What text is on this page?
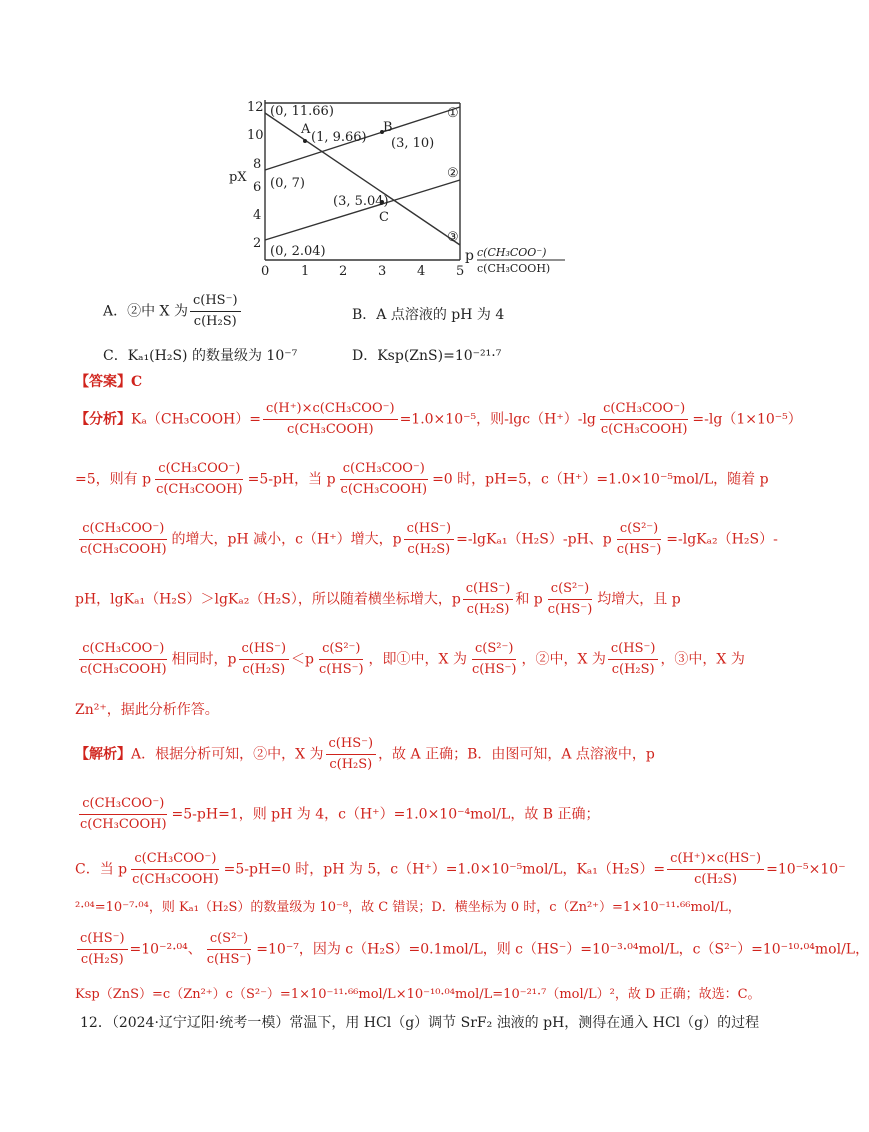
pX
12
10
8
6
4
2
0 1 2 3 4 5
(0, 11.66)
A
(1, 9.66)
B
(3, 10)
(0, 7)
(3, 5.04)
C
(0, 2.04)
①
②
③
p c(CH₃COO⁻)
c(CH₃COOH)
A．②中 X 为 $\frac{c(HS^-)}{\text{c(H₂S)}}$	B．A 点溶液的 pH 为 4
C．Kₐ₁(H₂S) 的数量级为 10⁻⁷	D．Ksp(ZnS)=10⁻²¹·⁷
【答案】C
【分析】Kₐ（CH₃COOH）= $\frac{\text{c(H⁺)×c(CH₃COO⁻)}}{\text{c(CH₃COOH)}} =1.0\times 10^{-5}$，则$-\lg c(H^+)-\lg \frac{\text{c(CH₃COO⁻)}}{\text{c(CH₃COOH)}} =-\lg(1\times 10^{-5})$
=5，则有 p $\frac{\text{c(CH₃COO⁻)}}{\text{c(CH₃COOH)}} =5-pH$，当 p $\frac{\text{c(CH₃COO⁻)}}{\text{c(CH₃COOH)}} =0$ 时，pH=5，c（H⁺）=1.0×10⁻⁵mol/L，随着 p
$\frac{\text{c(CH₃COO⁻)}}{\text{c(CH₃COOH)}}$ 的增大，pH 减小，c（H⁺）增大，p $\frac{c(HS^-)}{\text{c(H₂S)}} =-\lg K_{a1}(H_2S)-pH$、p $\frac{\text{c(S²⁻)}}{c(HS^-)} =-\lg K_{a2}(H_2S)-$
pH，lgKₐ₁（H₂S）＞lgKₐ₂（H₂S），所以随着横坐标增大，p $\frac{c(HS^-)}{\text{c(H₂S)}}$ 和 p $\frac{\text{c(S²⁻)}}{c(HS^-)}$ 均增大，且 p
$\frac{\text{c(CH₃COO⁻)}}{\text{c(CH₃COOH)}}$ 相同时，p $\frac{c(HS^-)}{\text{c(H₂S)}} <p \frac{\text{c(S²⁻)}}{c(HS^-)}$ ，即①中，X 为 $\frac{\text{c(S²⁻)}}{c(HS^-)}$ ，②中，X 为 $\frac{c(HS^-)}{\text{c(H₂S)}}$ ，③中，X 为
Zn²⁺，据此分析作答。
【解析】A．根据分析可知，②中，X 为 $\frac{c(HS^-)}{\text{c(H₂S)}}$ ，故 A 正确；B．由图可知，A 点溶液中，p
$\frac{\text{c(CH₃COO⁻)}}{\text{c(CH₃COOH)}} =5-pH=1$，则 pH 为 4，c（H⁺）=1.0×10⁻⁴mol/L，故 B 正确；
C．当 p $\frac{\text{c(CH₃COO⁻)}}{\text{c(CH₃COOH)}} =5-pH=0$ 时，pH 为 5，c（H⁺）=1.0×10⁻⁵mol/L，$K_{a1}(H_2S)= \frac{c(H^+)\times c(HS^-)}{\text{c(H₂S)}} =10^{-5}\times 10^-$
²·⁰⁴=10⁻⁷·⁰⁴，则 Kₐ₁（H₂S）的数量级为 10⁻⁸，故 C 错误；D．横坐标为 0 时，c（Zn²⁺）=1×10⁻¹¹·⁶⁶mol/L，
$\frac{c(HS^-)}{\text{c(H₂S)}} =10^{-2}\cdot^{04}$、 $\frac{\text{c(S²⁻)}}{c(HS^-)} =10^{-7}$，因为 c（H₂S）=0.1mol/L，则 c（HS⁻）=10⁻³·⁰⁴mol/L，c（S²⁻）=10⁻¹⁰·⁰⁴mol/L，
Ksp（ZnS）=c（Zn²⁺）c（S²⁻）=1×10⁻¹¹·⁶⁶mol/L×10⁻¹⁰·⁰⁴mol/L=10⁻²¹·⁷（mol/L）²，故 D 正确；故选：C。
12．（2024·辽宁辽阳·统考一模）常温下，用 HCl（g）调节 SrF₂ 浊液的 pH，测得在通入 HCl（g）的过程
